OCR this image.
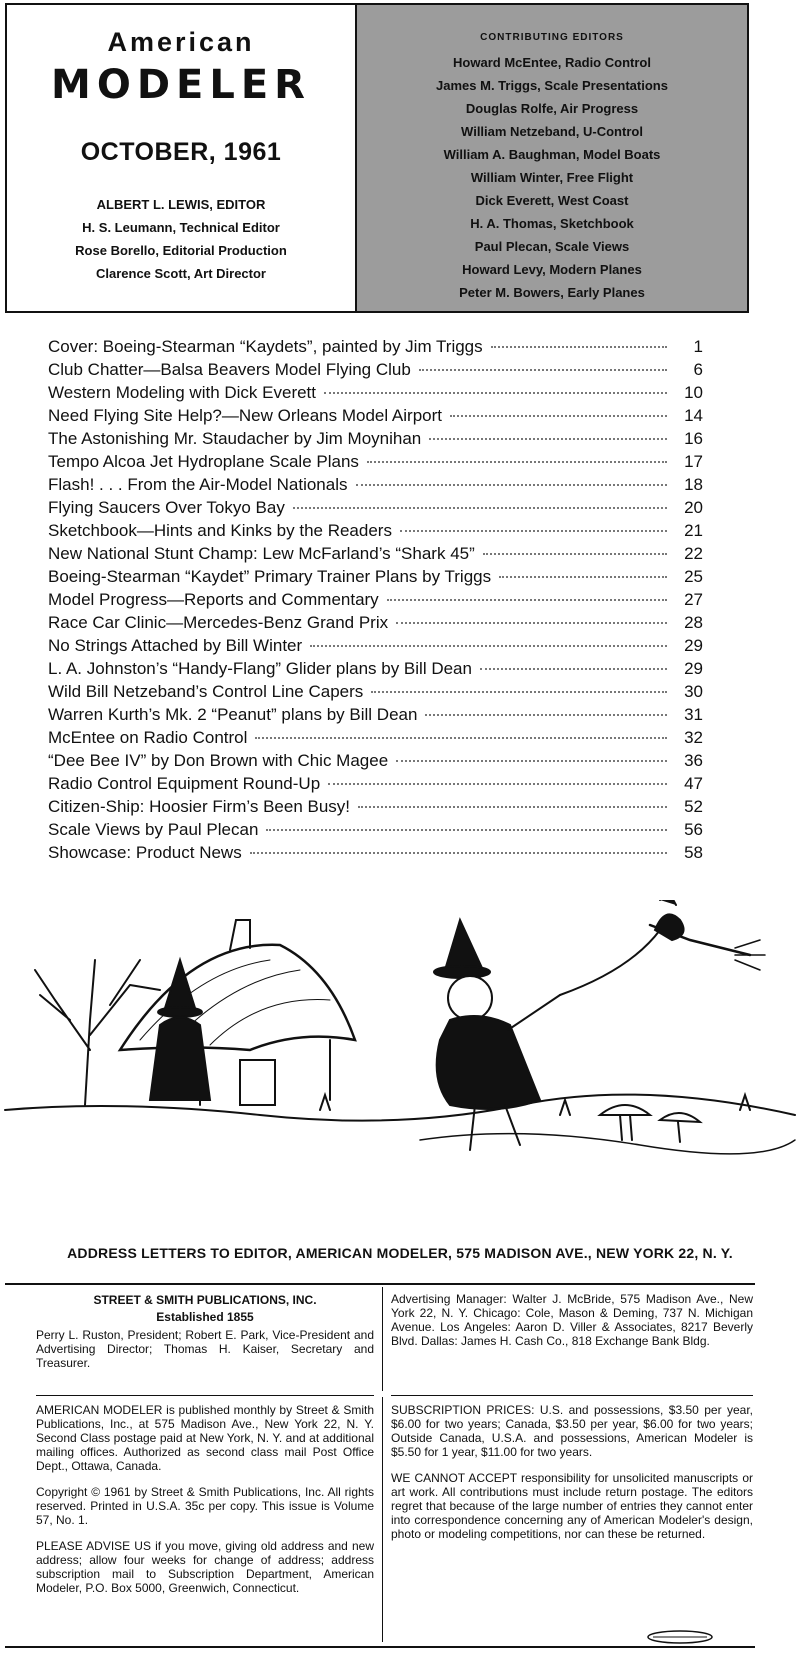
American
MODELER
OCTOBER, 1961
ALBERT L. LEWIS, EDITOR
H. S. Leumann, Technical Editor
Rose Borello, Editorial Production
Clarence Scott, Art Director
CONTRIBUTING EDITORS
Howard McEntee, Radio Control
James M. Triggs, Scale Presentations
Douglas Rolfe, Air Progress
William Netzeband, U-Control
William A. Baughman, Model Boats
William Winter, Free Flight
Dick Everett, West Coast
H. A. Thomas, Sketchbook
Paul Plecan, Scale Views
Howard Levy, Modern Planes
Peter M. Bowers, Early Planes
Cover: Boeing-Stearman “Kaydets”, painted by Jim Triggs	1
Club Chatter—Balsa Beavers Model Flying Club	6
Western Modeling with Dick Everett	10
Need Flying Site Help?—New Orleans Model Airport	14
The Astonishing Mr. Staudacher by Jim Moynihan	16
Tempo Alcoa Jet Hydroplane Scale Plans	17
Flash! . . . From the Air-Model Nationals	18
Flying Saucers Over Tokyo Bay	20
Sketchbook—Hints and Kinks by the Readers	21
New National Stunt Champ: Lew McFarland’s “Shark 45”	22
Boeing-Stearman “Kaydet” Primary Trainer Plans by Triggs	25
Model Progress—Reports and Commentary	27
Race Car Clinic—Mercedes-Benz Grand Prix	28
No Strings Attached by Bill Winter	29
L. A. Johnston’s “Handy-Flang” Glider plans by Bill Dean	29
Wild Bill Netzeband’s Control Line Capers	30
Warren Kurth’s Mk. 2 “Peanut” plans by Bill Dean	31
McEntee on Radio Control	32
“Dee Bee IV” by Don Brown with Chic Magee	36
Radio Control Equipment Round-Up	47
Citizen-Ship: Hoosier Firm’s Been Busy!	52
Scale Views by Paul Plecan	56
Showcase: Product News	58
ADDRESS LETTERS TO EDITOR, AMERICAN MODELER, 575 MADISON AVE., NEW YORK 22, N. Y.
STREET & SMITH PUBLICATIONS, INC.
Established 1855

Perry L. Ruston, President; Robert E. Park, Vice-President and Advertising Director; Thomas H. Kaiser, Secretary and Treasurer.

Advertising Manager: Walter J. McBride, 575 Madison Ave., New York 22, N. Y. Chicago: Cole, Mason & Deming, 737 N. Michigan Avenue. Los Angeles: Aaron D. Viller & Associates, 8217 Beverly Blvd. Dallas: James H. Cash Co., 818 Exchange Bank Bldg.

AMERICAN MODELER is published monthly by Street & Smith Publications, Inc., at 575 Madison Ave., New York 22, N. Y. Second Class postage paid at New York, N. Y. and at additional mailing offices. Authorized as second class mail Post Office Dept., Ottawa, Canada.

Copyright © 1961 by Street & Smith Publications, Inc. All rights reserved. Printed in U.S.A. 35c per copy. This issue is Volume 57, No. 1.

PLEASE ADVISE US if you move, giving old address and new address; allow four weeks for change of address; address subscription mail to Subscription Department, American Modeler, P.O. Box 5000, Greenwich, Connecticut.

SUBSCRIPTION PRICES: U.S. and possessions, $3.50 per year, $6.00 for two years; Canada, $3.50 per year, $6.00 for two years; Outside Canada, U.S.A. and possessions, American Modeler is $5.50 for 1 year, $11.00 for two years.

WE CANNOT ACCEPT responsibility for unsolicited manuscripts or art work. All contributions must include return postage. The editors regret that because of the large number of entries they cannot enter into correspondence concerning any of American Modeler's design, photo or modeling competitions, nor can these be returned.
